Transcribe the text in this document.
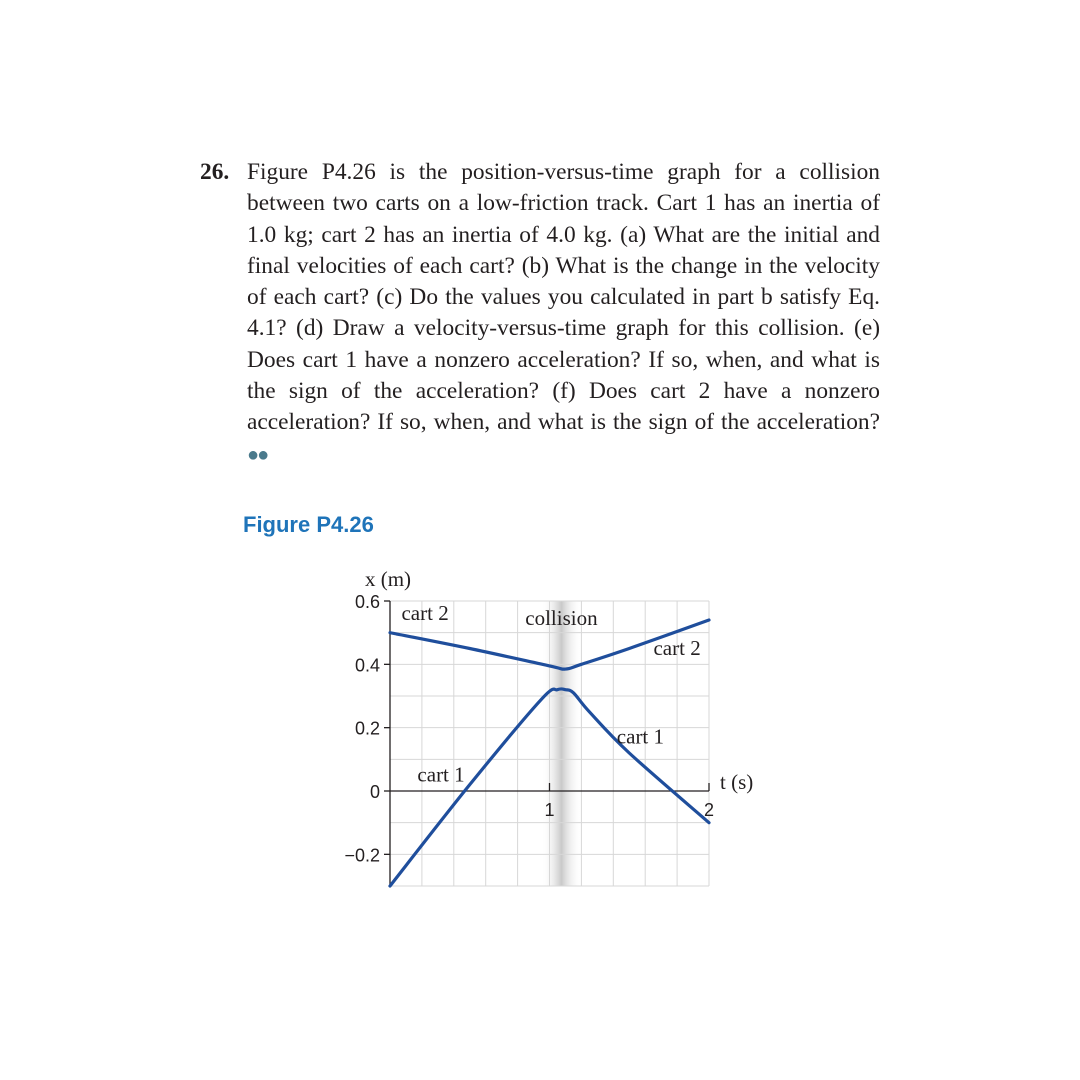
26. Figure P4.26 is the position-versus-time graph for a collision between two carts on a low-friction track. Cart 1 has an inertia of 1.0 kg; cart 2 has an inertia of 4.0 kg. (a) What are the initial and final velocities of each cart? (b) What is the change in the velocity of each cart? (c) Do the values you calculated in part b satisfy Eq. 4.1? (d) Draw a velocity-versus-time graph for this collision. (e) Does cart 1 have a nonzero acceleration? If so, when, and what is the sign of the acceleration? (f) Does cart 2 have a nonzero acceleration? If so, when, and what is the sign of the acceleration? ●●
Figure P4.26
0.6
0.4
0.2
0
−0.2
1	2
x (m)
t (s)
collision
cart 2
cart 2
cart 1
cart 1
